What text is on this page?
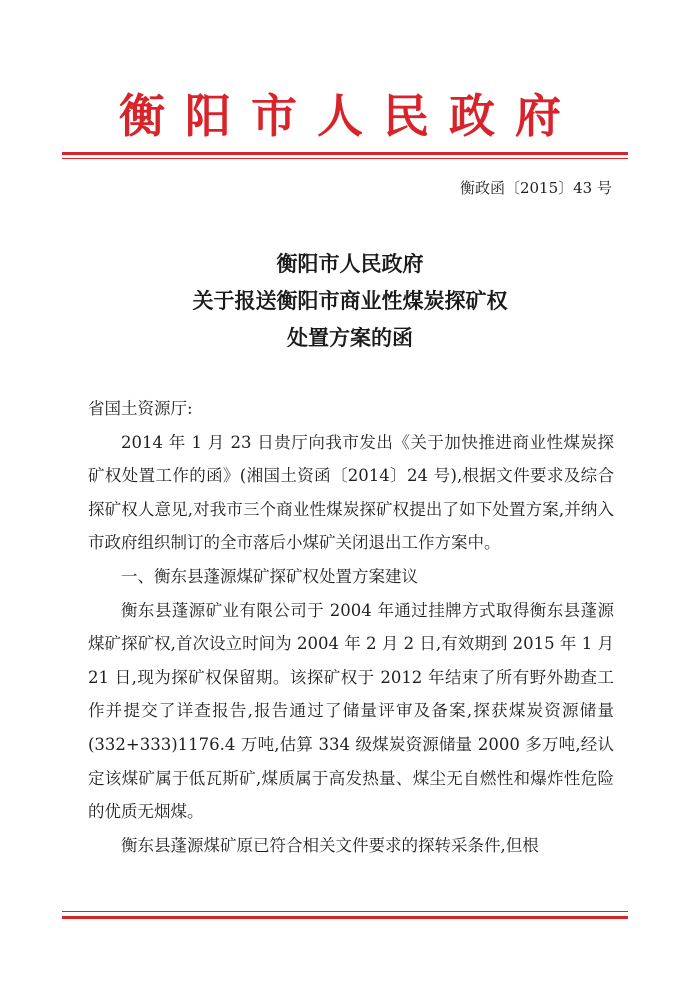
衡阳市人民政府
衡政函〔2015〕43 号
衡阳市人民政府
关于报送衡阳市商业性煤炭探矿权
处置方案的函

省国土资源厅:

2014 年 1 月 23 日贵厅向我市发出《关于加快推进商业性煤炭探矿权处置工作的函》(湘国土资函〔2014〕24 号),根据文件要求及综合探矿权人意见,对我市三个商业性煤炭探矿权提出了如下处置方案,并纳入市政府组织制订的全市落后小煤矿关闭退出工作方案中。

一、衡东县蓬源煤矿探矿权处置方案建议

衡东县蓬源矿业有限公司于 2004 年通过挂牌方式取得衡东县蓬源煤矿探矿权,首次设立时间为 2004 年 2 月 2 日,有效期到 2015 年 1 月 21 日,现为探矿权保留期。该探矿权于 2012 年结束了所有野外勘查工作并提交了详查报告,报告通过了储量评审及备案,探获煤炭资源储量(332+333)1176.4 万吨,估算 334 级煤炭资源储量 2000 多万吨,经认定该煤矿属于低瓦斯矿,煤质属于高发热量、煤尘无自燃性和爆炸性危险的优质无烟煤。

衡东县蓬源煤矿原已符合相关文件要求的探转采条件,但根
